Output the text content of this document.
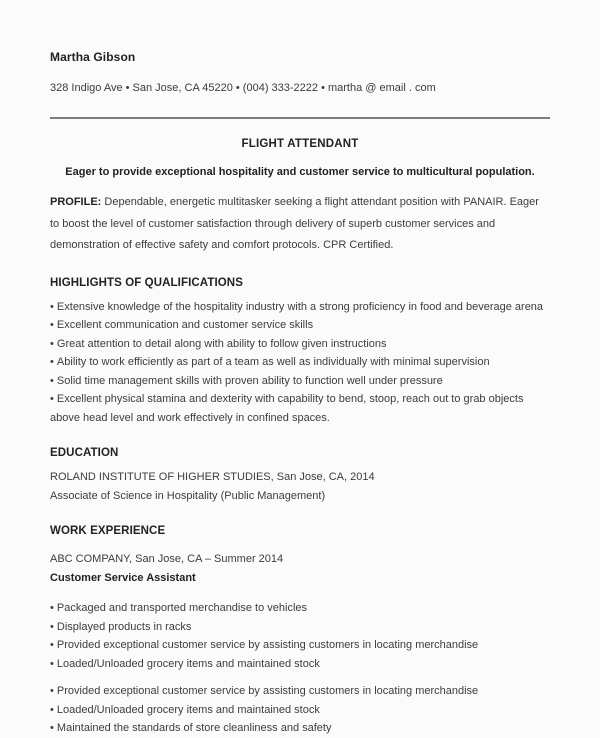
Martha Gibson
328 Indigo Ave • San Jose, CA 45220 • (004) 333-2222 • martha @ email . com
FLIGHT ATTENDANT
Eager to provide exceptional hospitality and customer service to multicultural population.

PROFILE: Dependable, energetic multitasker seeking a flight attendant position with PANAIR. Eager to boost the level of customer satisfaction through delivery of superb customer services and demonstration of effective safety and comfort protocols. CPR Certified.

HIGHLIGHTS OF QUALIFICATIONS
• Extensive knowledge of the hospitality industry with a strong proficiency in food and beverage arena
• Excellent communication and customer service skills
• Great attention to detail along with ability to follow given instructions
• Ability to work efficiently as part of a team as well as individually with minimal supervision
• Solid time management skills with proven ability to function well under pressure
• Excellent physical stamina and dexterity with capability to bend, stoop, reach out to grab objects above head level and work effectively in confined spaces.
EDUCATION
ROLAND INSTITUTE OF HIGHER STUDIES, San Jose, CA, 2014
Associate of Science in Hospitality (Public Management)
WORK EXPERIENCE
ABC COMPANY, San Jose, CA – Summer 2014
Customer Service Assistant
• Packaged and transported merchandise to vehicles
• Displayed products in racks
• Provided exceptional customer service by assisting customers in locating merchandise
• Loaded/Unloaded grocery items and maintained stock
• Provided exceptional customer service by assisting customers in locating merchandise
• Loaded/Unloaded grocery items and maintained stock
• Maintained the standards of store cleanliness and safety
